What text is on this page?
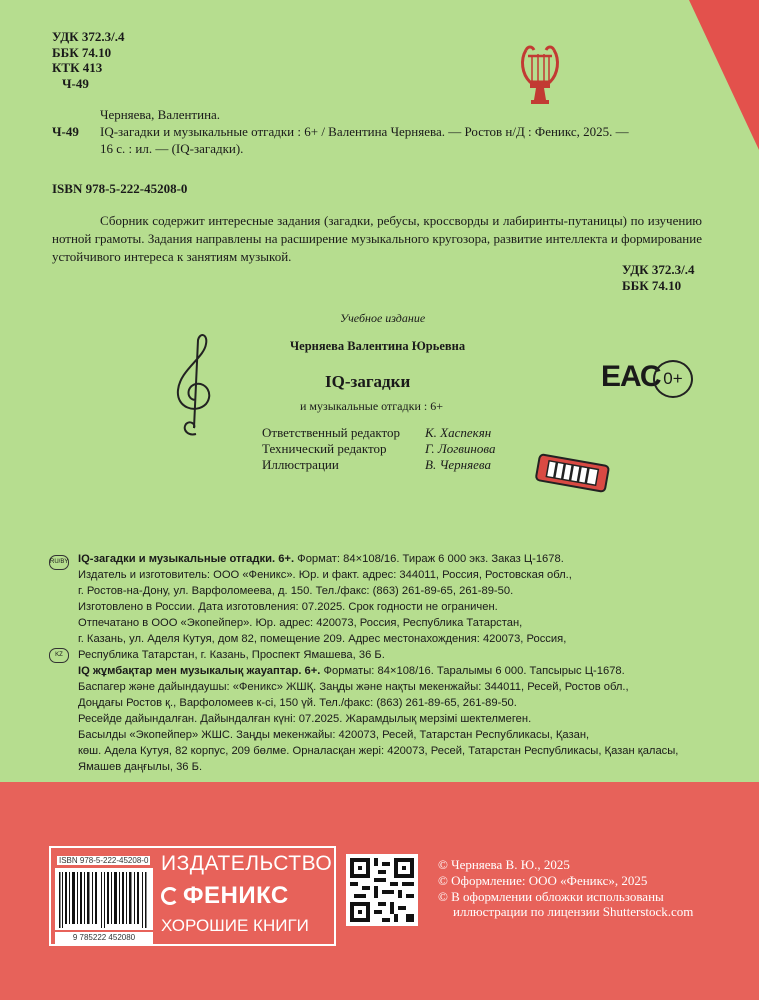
УДК 372.3/.4
ББК 74.10
КТК 413
Ч-49
Ч-49
Черняева, Валентина.
IQ-загадки и музыкальные отгадки : 6+ / Валентина Черняева. — Ростов н/Д : Феникс, 2025. —
16 с. : ил. — (IQ-загадки).
ISBN 978-5-222-45208-0

Сборник содержит интересные задания (загадки, ребусы, кроссворды и лабиринты-путаницы) по изучению нотной грамоты. Задания направлены на расширение музыкального кругозора, развитие интеллекта и формирование устойчивого интереса к занятиям музыкой.

УДК 372.3/.4
ББК 74.10
Учебное издание
Черняева Валентина Юрьевна
IQ-загадки
и музыкальные отгадки : 6+
Ответственный редактор К. Хаспекян
Технический редактор	Г. Логвинова
Иллюстрации	В. Черняева
ЕАС 0+
RU/BY IQ-загадки и музыкальные отгадки. 6+. Формат: 84×108/16. Тираж 6 000 экз. Заказ Ц-1678.
Издатель и изготовитель: ООО «Феникс». Юр. и факт. адрес: 344011, Россия, Ростовская обл.,
г. Ростов-на-Дону, ул. Варфоломеева, д. 150. Тел./факс: (863) 261-89-65, 261-89-50.
Изготовлено в России. Дата изготовления: 07.2025. Срок годности не ограничен.
Отпечатано в ООО «Экопейпер». Юр. адрес: 420073, Россия, Республика Татарстан,
г. Казань, ул. Аделя Кутуя, дом 82, помещение 209. Адрес местонахождения: 420073, Россия,
Республика Татарстан, г. Казань, Проспект Ямашева, 36 Б.
KZ
IQ жұмбақтар мен музыкалық жауаптар. 6+. Форматы: 84×108/16. Таралымы 6 000. Тапсырыс Ц-1678.
Баспагер және дайындаушы: «Феникс» ЖШҚ. Заңды және нақты мекенжайы: 344011, Ресей, Ростов обл.,
Доңдағы Ростов қ., Варфоломеев к-сі, 150 үй. Тел./факс: (863) 261-89-65, 261-89-50.
Ресейде дайындалған. Дайындалған күні: 07.2025. Жарамдылық мерзімі шектелмеген.
Басылды «Экопейпер» ЖШС. Заңды мекенжайы: 420073, Ресей, Татарстан Республикасы, Қазан,
көш. Адела Кутуя, 82 корпус, 209 бөлме. Орналасқан жері: 420073, Ресей, Татарстан Республикасы, Қазан қаласы,
Ямашев даңғылы, 36 Б.
ISBN 978-5-222-45208-0
9 785222 452080
ИЗДАТЕЛЬСТВО
ФЕНИКС
ХОРОШИЕ КНИГИ
© Черняева В. Ю., 2025
© Оформление: ООО «Феникс», 2025
© В оформлении обложки использованы
иллюстрации по лицензии Shutterstock.com
